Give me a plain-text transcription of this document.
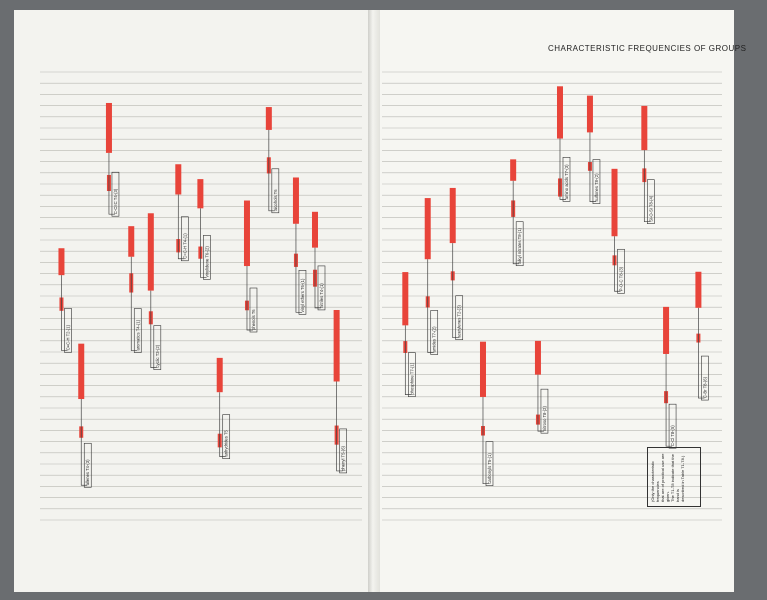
CHARACTERISTIC FREQUENCIES OF GROUPS
C≡C-H T2-(1)
allenes T4-(3)
C-C≡C T4-(3)
aromatics T4-(1)
cyclic T3-(2)
C=C-H T4-(1)
vinylidene T6-(2)
anhydrides T5
phenols T6
alcohols T6
vinyl ethers T6-(1)	nitriles T4-(1)
phenyl T5-(6)
phosphine T7-(1)
amides T7-(2)
acetylenes T2-(3)
carbonyls T5-(1)
alkyl nitrates T8-(1)
nitroso T8-(2)
amino acids T7-(3)	sulfones T8-(2)
P-O-C T8-(3)
Si-O-Si T8-(4)
C-Cl T8-(5)
C-Br T8-(6)
(Only the characteristic frequencies that are of practical use are given. The T1-T8 indicate that the band is described in Table T1-T8.)
